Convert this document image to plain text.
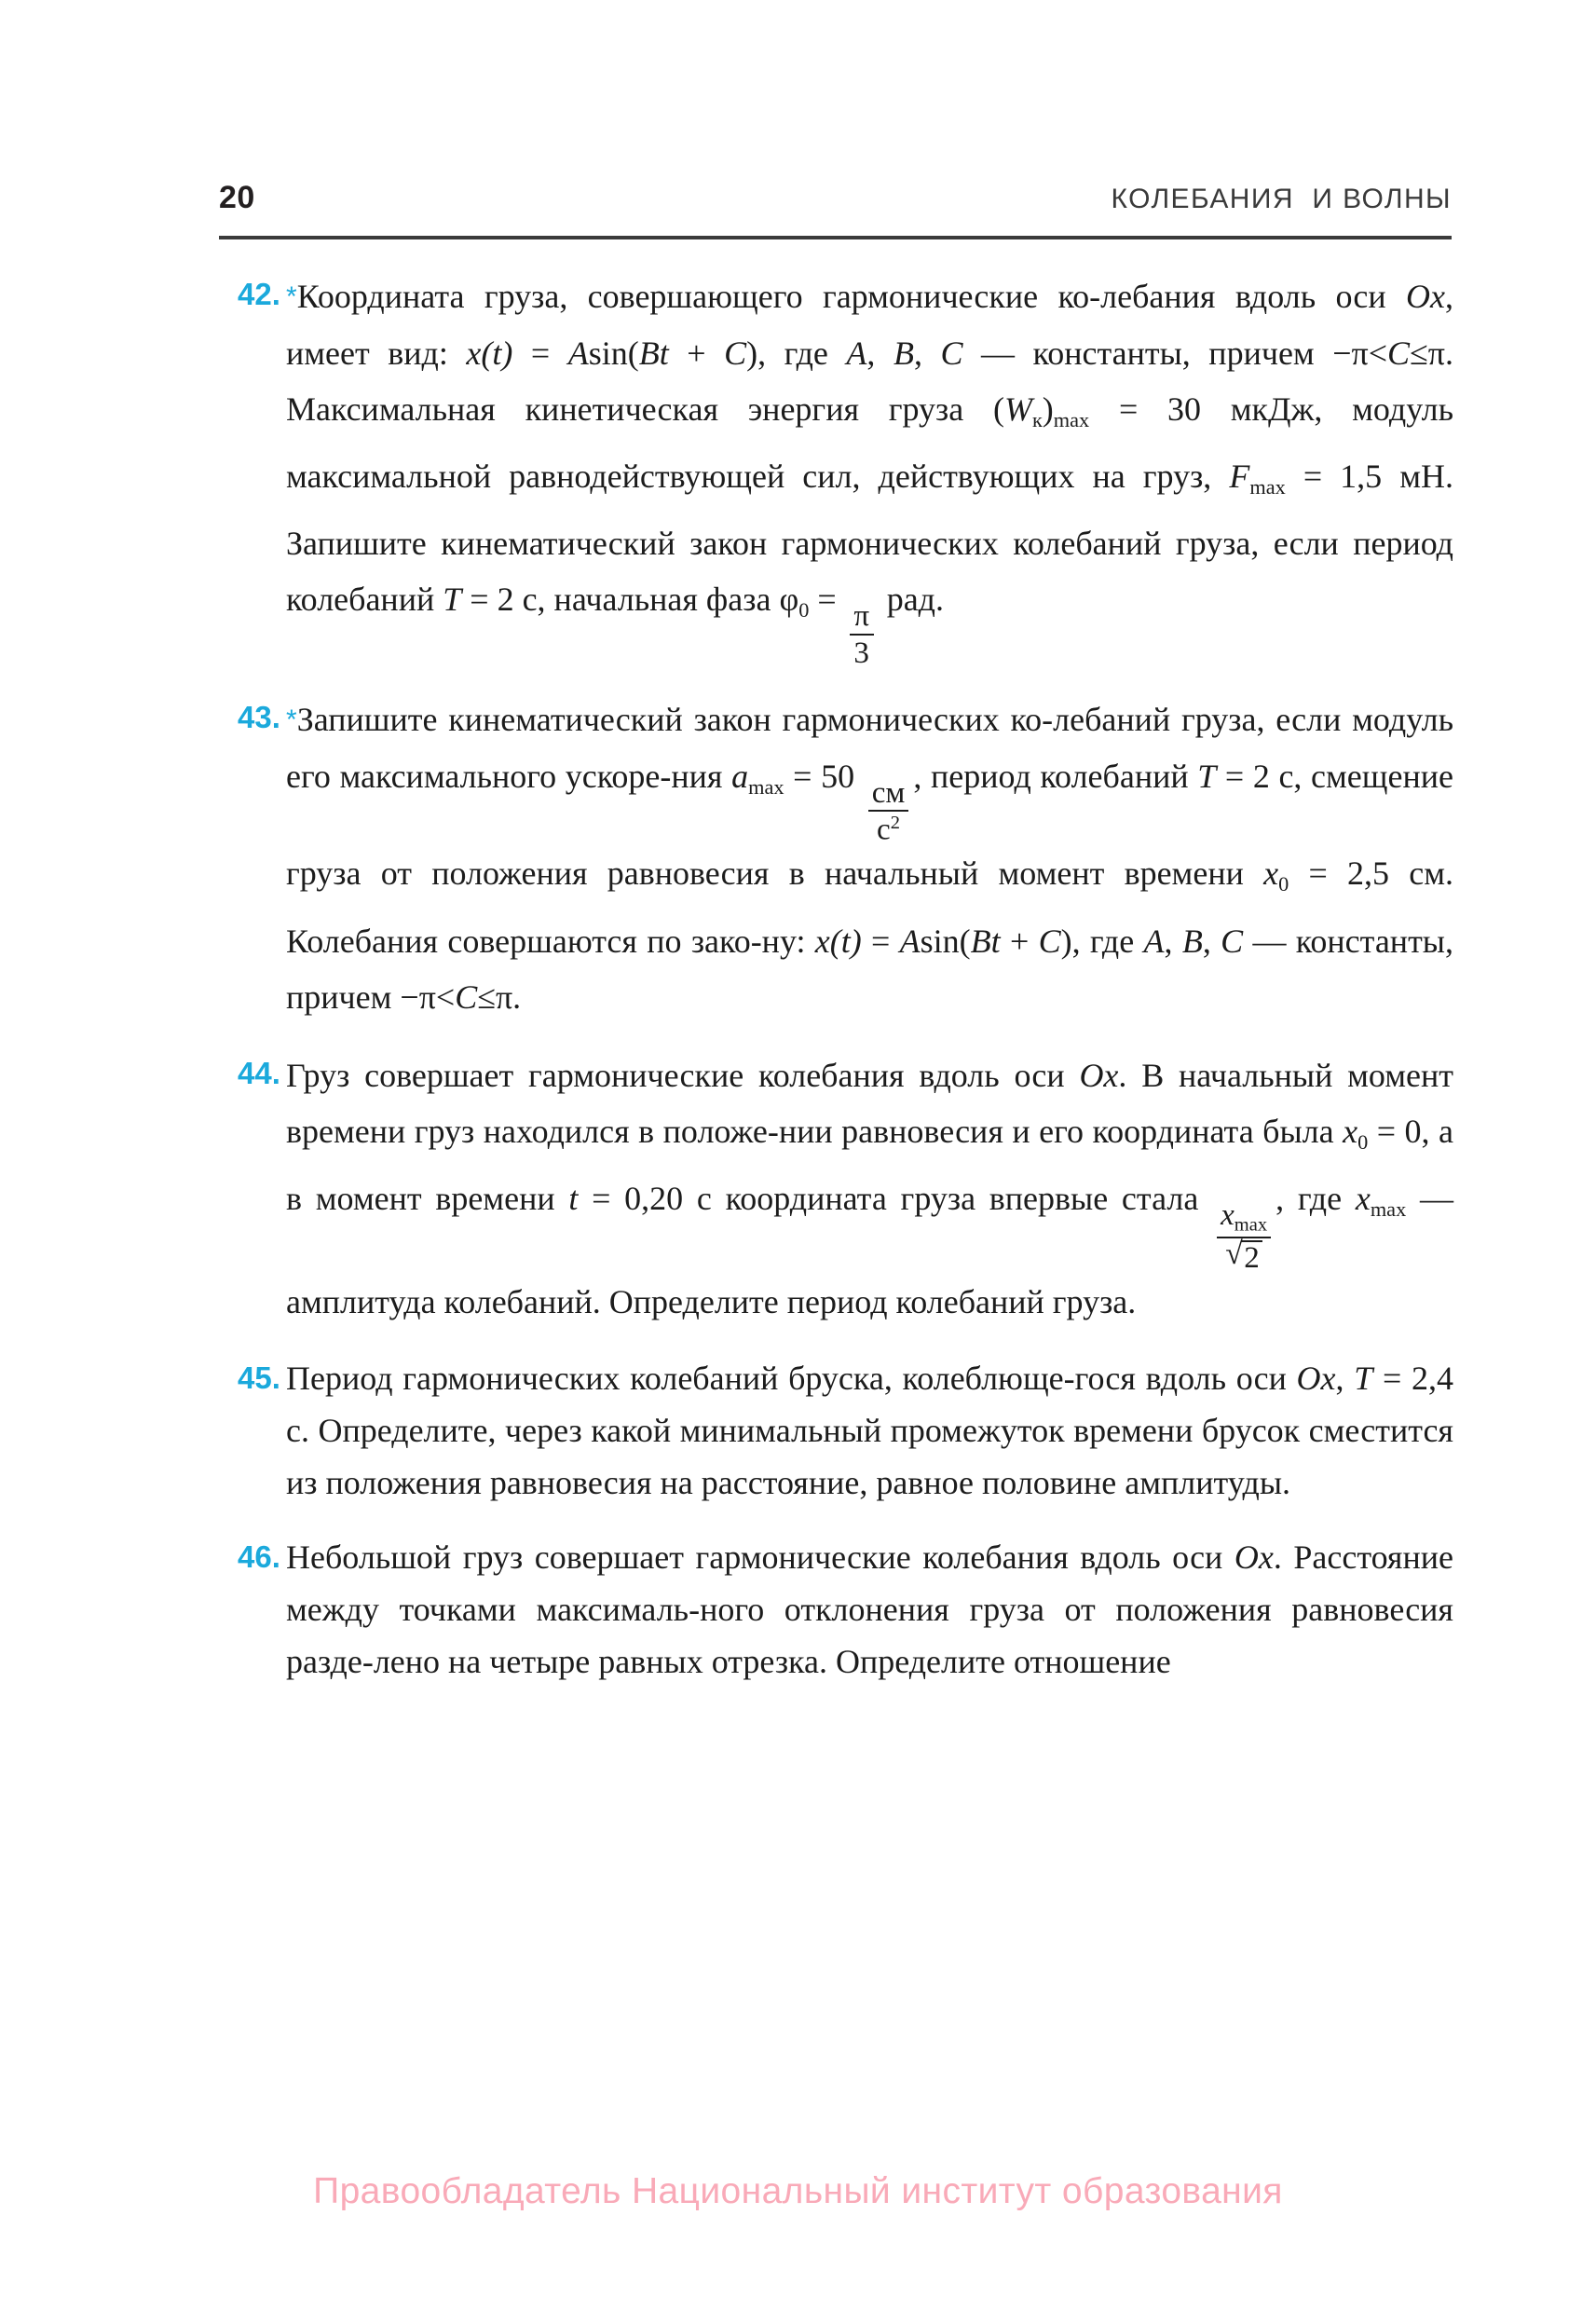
20	КОЛЕБАНИЯ  И ВОЛНЫ
42. *Координата груза, совершающего гармонические ко-лебания вдоль оси Ox, имеет вид: x(t) = Asin(Bt + C), где A, B, C — константы, причем −π<C≤π. Максимальная кинетическая энергия груза $(W_к)_{max} = 30$ мкДж, модуль максимальной равнодействующей сил, действующих на груз, $F_{max} = 1,5$ мН. Запишите кинематический закон гармонических колебаний груза, если период колебаний T = 2 с, начальная фаза $\varphi_0$ =
$\frac{\pi}{3}$
рад.
43. *Запишите кинематический закон гармонических ко-лебаний груза, если модуль его максимального ускоре-ния $a_{max} = 50$
$\frac{см}{с^2}$
, период колебаний T = 2 с, смещение груза от положения равновесия в начальный момент времени $x_0 = 2,5$ см. Колебания совершаются по зако-ну: x(t) = Asin(Bt + C), где A, B, C — константы, причем −π<C≤π.
44. Груз совершает гармонические колебания вдоль оси Ox. В начальный момент времени груз находился в положе-нии равновесия и его координата была $x_0 = 0$, а в момент времени t = 0,20 с координата груза впервые стала
$x_{max}$
√ 2
, где $x_{max}$ — амплитуда колебаний. Определите период колебаний груза.
45. Период гармонических колебаний бруска, колеблюще-гося вдоль оси Ox, T = 2,4 с. Определите, через какой минимальный промежуток времени брусок сместится из положения равновесия на расстояние, равное половине амплитуды.
46. Небольшой груз совершает гармонические колебания вдоль оси Ox. Расстояние между точками максималь-ного отклонения груза от положения равновесия разде-лено на четыре равных отрезка. Определите отношение
Правообладатель Национальный институт образования
